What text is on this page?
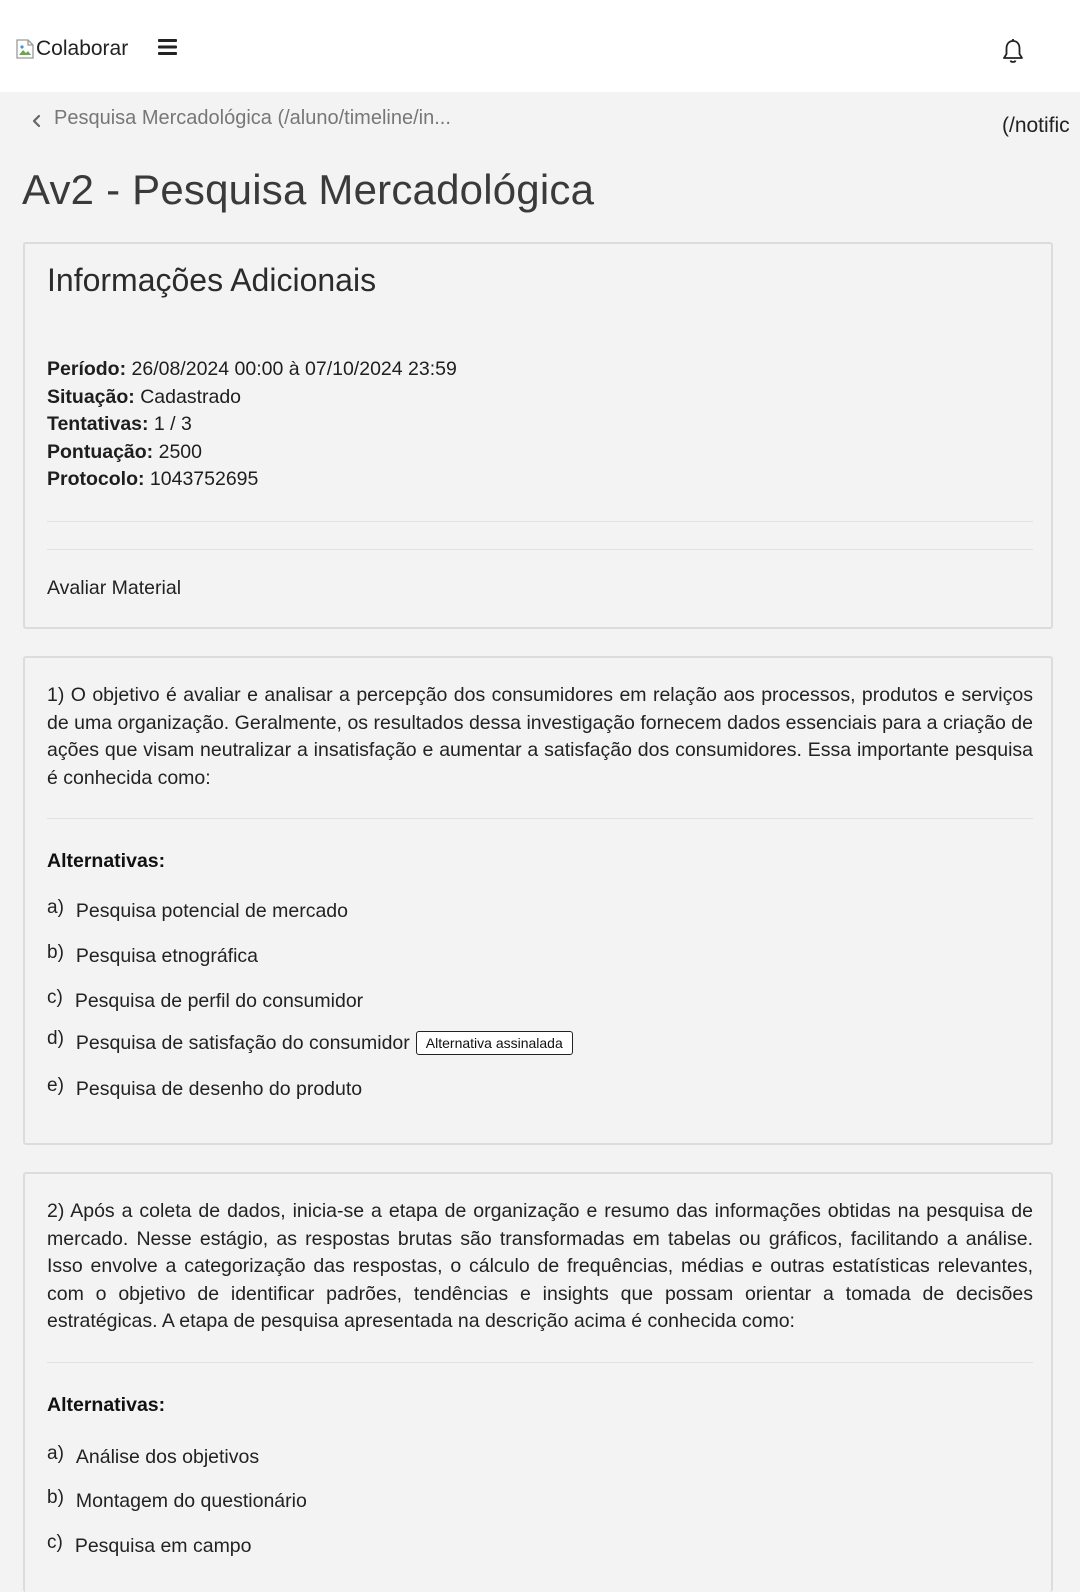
Colaborar
Pesquisa Mercadológica (/aluno/timeline/in...	(/notific
Av2 - Pesquisa Mercadológica
Informações Adicionais
Período: 26/08/2024 00:00 à 07/10/2024 23:59
Situação: Cadastrado
Tentativas: 1 / 3
Pontuação: 2500
Protocolo: 1043752695
Avaliar Material
1) O objetivo é avaliar e analisar a percepção dos consumidores em relação aos processos, produtos e serviços de uma organização. Geralmente, os resultados dessa investigação fornecem dados essenciais para a criação de ações que visam neutralizar a insatisfação e aumentar a satisfação dos consumidores. Essa importante pesquisa é conhecida como:
Alternativas:
a) Pesquisa potencial de mercado
b) Pesquisa etnográfica
c) Pesquisa de perfil do consumidor
d) Pesquisa de satisfação do consumidor	Alternativa assinalada
e) Pesquisa de desenho do produto
2) Após a coleta de dados, inicia-se a etapa de organização e resumo das informações obtidas na pesquisa de mercado. Nesse estágio, as respostas brutas são transformadas em tabelas ou gráficos, facilitando a análise. Isso envolve a categorização das respostas, o cálculo de frequências, médias e outras estatísticas relevantes, com o objetivo de identificar padrões, tendências e insights que possam orientar a tomada de decisões estratégicas. A etapa de pesquisa apresentada na descrição acima é conhecida como:
Alternativas:
a) Análise dos objetivos
b) Montagem do questionário
c) Pesquisa em campo
